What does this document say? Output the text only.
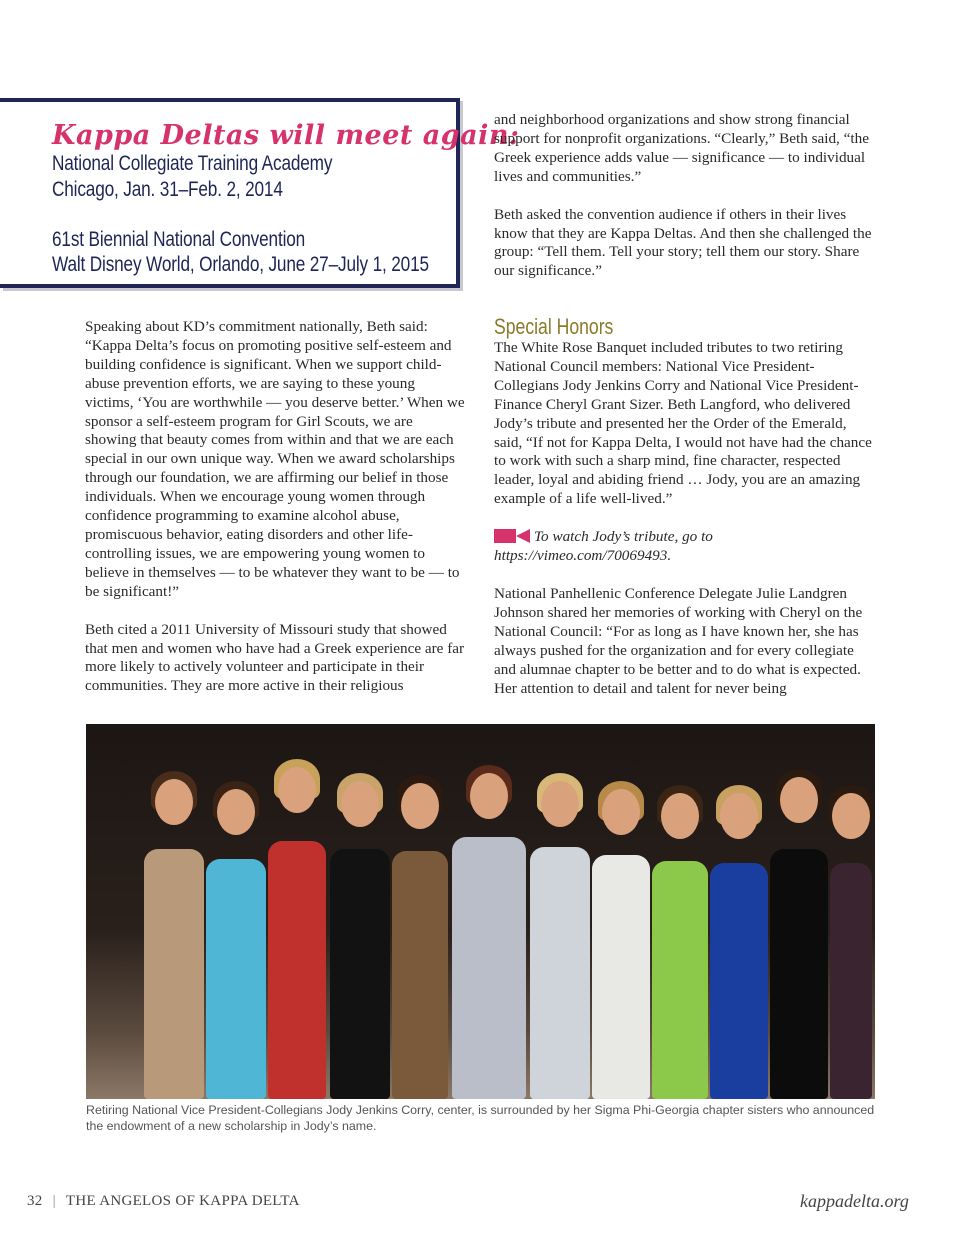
Kappa Deltas will meet again:
National Collegiate Training Academy
Chicago, Jan. 31–Feb. 2, 2014
61st Biennial National Convention
Walt Disney World, Orlando, June 27–July 1, 2015

Speaking about KD’s commitment nationally, Beth said: “Kappa Delta’s focus on promoting positive self-esteem and building confidence is significant. When we support child-abuse prevention efforts, we are saying to these young victims, ‘You are worthwhile — you deserve better.’ When we sponsor a self-esteem program for Girl Scouts, we are showing that beauty comes from within and that we are each special in our own unique way. When we award scholarships through our foundation, we are affirming our belief in those individuals. When we encourage young women through confidence programming to examine alcohol abuse, promiscuous behavior, eating disorders and other life-controlling issues, we are empowering young women to believe in themselves — to be whatever they want to be — to be significant!”

Beth cited a 2011 University of Missouri study that showed that men and women who have had a Greek experience are far more likely to actively volunteer and participate in their communities. They are more active in their religious

and neighborhood organizations and show strong financial support for nonprofit organizations. “Clearly,” Beth said, “the Greek experience adds value — significance — to individual lives and communities.”

Beth asked the convention audience if others in their lives know that they are Kappa Deltas. And then she challenged the group: “Tell them. Tell your story; tell them our story. Share our significance.”

Special Honors

The White Rose Banquet included tributes to two retiring National Council members: National Vice President-Collegians Jody Jenkins Corry and National Vice President-Finance Cheryl Grant Sizer. Beth Langford, who delivered Jody’s tribute and presented her the Order of the Emerald, said, “If not for Kappa Delta, I would not have had the chance to work with such a sharp mind, fine character, respected leader, loyal and abiding friend … Jody, you are an amazing example of a life well-lived.”

To watch Jody’s tribute, go to https://vimeo.com/70069493.

National Panhellenic Conference Delegate Julie Landgren Johnson shared her memories of working with Cheryl on the National Council: “For as long as I have known her, she has always pushed for the organization and for every collegiate and alumnae chapter to be better and to do what is expected. Her attention to detail and talent for never being

Retiring National Vice President-Collegians Jody Jenkins Corry, center, is surrounded by her Sigma Phi-Georgia chapter sisters who announced the endowment of a new scholarship in Jody’s name.
32 | THE ANGELOS OF KAPPA DELTA	kappadelta.org
